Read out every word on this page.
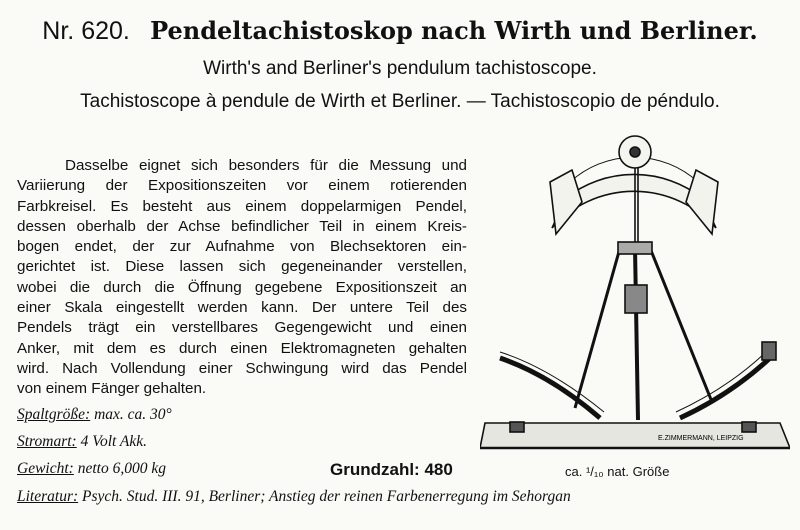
Nr. 620. Pendeltachistoskop nach Wirth und Berliner.
Wirth's and Berliner's pendulum tachistoscope.
Tachistoscope à pendule de Wirth et Berliner. — Tachistoscopio de péndulo.
Dasselbe eignet sich besonders für die Messung und
Variierung der Expositionszeiten vor einem rotierenden
Farbkreisel. Es besteht aus einem doppelarmigen Pendel,
dessen oberhalb der Achse befindlicher Teil in einem Kreis-
bogen endet, der zur Aufnahme von Blechsektoren ein-
gerichtet ist. Diese lassen sich gegeneinander verstellen,
wobei die durch die Öffnung gegebene Expositionszeit an
einer Skala eingestellt werden kann. Der untere Teil des
Pendels trägt ein verstellbares Gegengewicht und einen
Anker, mit dem es durch einen Elektromagneten gehalten
wird. Nach Vollendung einer Schwingung wird das Pendel
von einem Fänger gehalten.
Spaltgröße: max. ca. 30°
Stromart: 4 Volt Akk.
Gewicht: netto 6,000 kg
Literatur: Psych. Stud. III. 91, Berliner; Anstieg der reinen Farbenerregung im Sehorgan
Grundzahl: 480	ca. ¹/₁₀ nat. Größe
E.ZIMMERMANN, LEIPZIG
